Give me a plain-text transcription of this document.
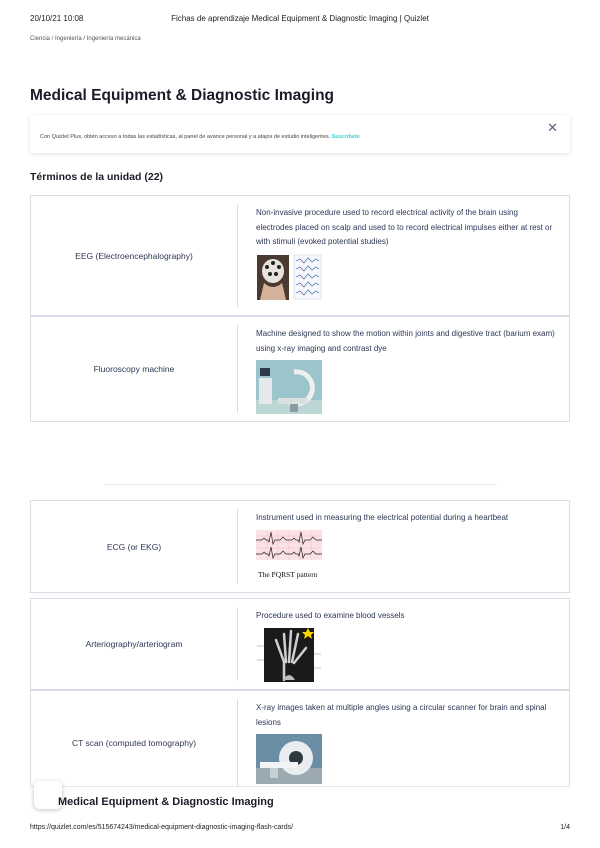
20/10/21 10:08	Fichas de aprendizaje Medical Equipment & Diagnostic Imaging | Quizlet
Ciencia / Ingeniería / Ingeniería mecánica
Medical Equipment & Diagnostic Imaging
Con Quizlet Plus, obtén acceso a todas las estadísticas, al panel de avance personal y a atajos de estudio inteligentes. Suscríbete
✕
Términos de la unidad (22)
EEG (Electroencephalography)
Non-invasive procedure used to record electrical activity of the brain using electrodes placed on scalp and used to to record electrical impulses either at rest or with stimuli (evoked potential studies)
Fluoroscopy machine
Machine designed to show the motion within joints and digestive tract (barium exam) using x-ray imaging and contrast dye
ECG (or EKG)
Instrument used in measuring the electrical potential during a heartbeat
The PQRST pattern
Arteriography/arteriogram
Procedure used to examine blood vessels
CT scan (computed tomography)
X-ray images taken at multiple angles using a circular scanner for brain and spinal lesions
Medical Equipment & Diagnostic Imaging
https://quizlet.com/es/515674243/medical-equipment-diagnostic-imaging-flash-cards/	1/4
